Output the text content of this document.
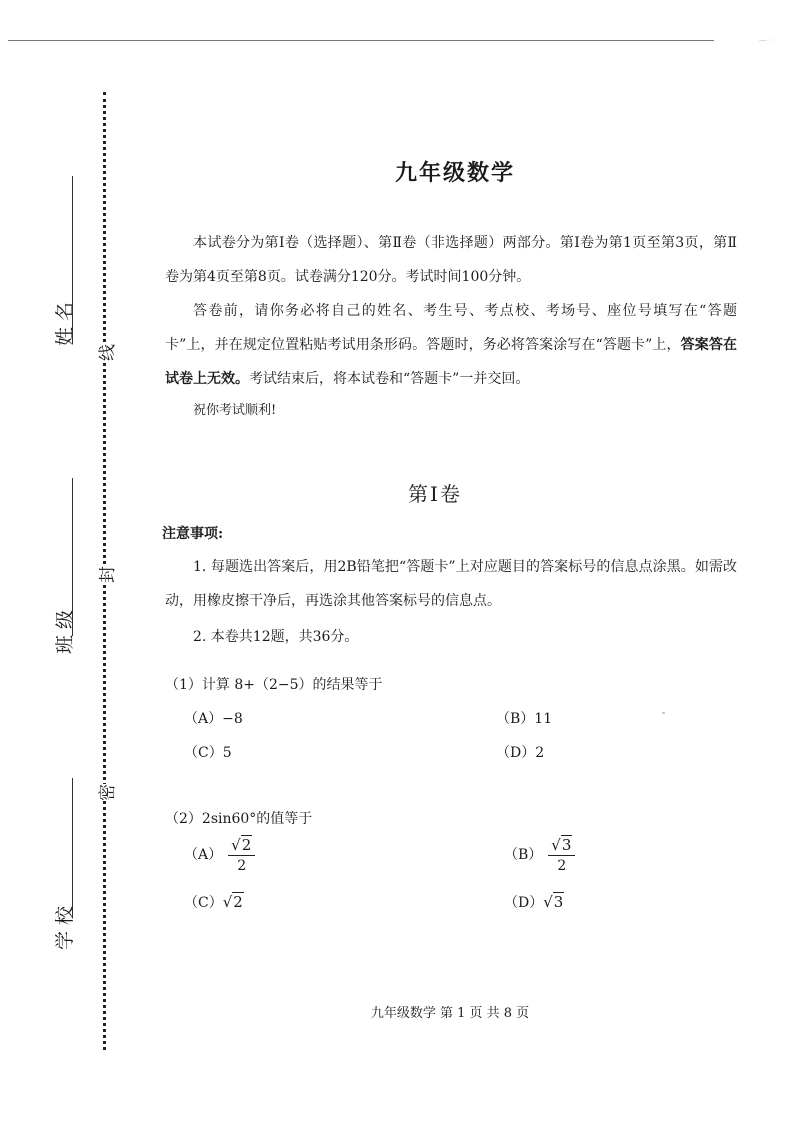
— ·
姓名
班级
学校
线
封
密
九年级数学
本试卷分为第Ⅰ卷（选择题）、第Ⅱ卷（非选择题）两部分。第Ⅰ卷为第1页至第3页，第Ⅱ卷为第4页至第8页。试卷满分120分。考试时间100分钟。
答卷前，请你务必将自己的姓名、考生号、考点校、考场号、座位号填写在“答题卡”上，并在规定位置粘贴考试用条形码。答题时，务必将答案涂写在“答题卡”上，答案答在试卷上无效。考试结束后，将本试卷和“答题卡”一并交回。
祝你考试顺利!
第Ⅰ卷
注意事项:
1. 每题选出答案后，用2B铅笔把“答题卡”上对应题目的答案标号的信息点涂黑。如需改动，用橡皮擦干净后，再选涂其他答案标号的信息点。
2. 本卷共12题，共36分。
（1）计算 8+（2−5）的结果等于
（A）−8	（B）11
（C）5	（D）2
（2）2sin60°的值等于
$(A) \frac{√2}{2}$	$(B) \frac{√3}{2}$
（C）√2	（D）√3
九年级数学 第 1 页 共 8 页
